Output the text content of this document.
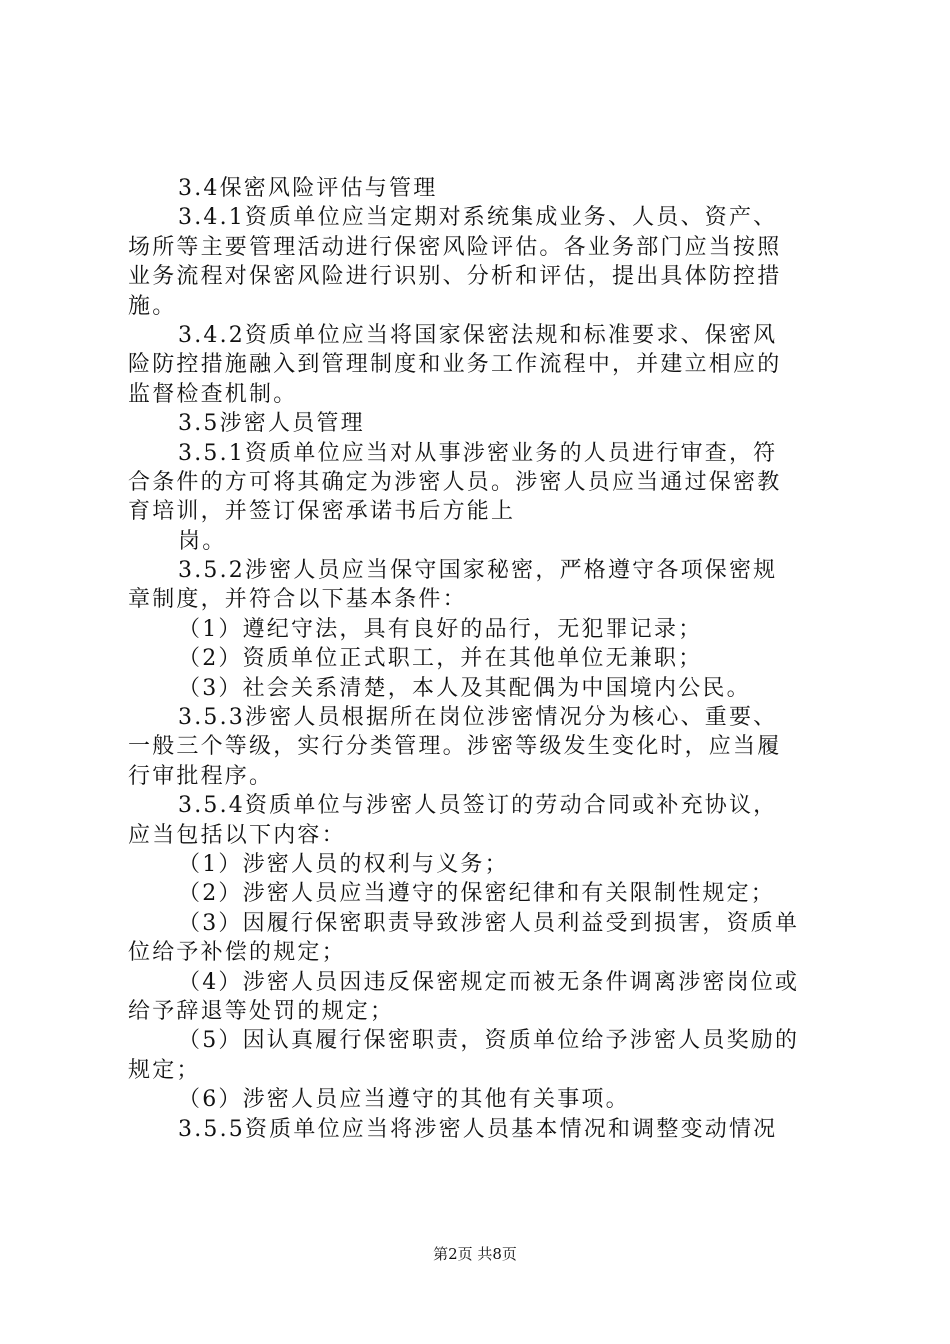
3.4保密风险评估与管理
3.4.1资质单位应当定期对系统集成业务、人员、资产、
场所等主要管理活动进行保密风险评估。各业务部门应当按照
业务流程对保密风险进行识别、分析和评估，提出具体防控措
施。
3.4.2资质单位应当将国家保密法规和标准要求、保密风
险防控措施融入到管理制度和业务工作流程中，并建立相应的
监督检查机制。
3.5涉密人员管理
3.5.1资质单位应当对从事涉密业务的人员进行审查，符
合条件的方可将其确定为涉密人员。涉密人员应当通过保密教
育培训，并签订保密承诺书后方能上
岗。
3.5.2涉密人员应当保守国家秘密，严格遵守各项保密规
章制度，并符合以下基本条件：
（1）遵纪守法，具有良好的品行，无犯罪记录；
（2）资质单位正式职工，并在其他单位无兼职；
（3）社会关系清楚，本人及其配偶为中国境内公民。
3.5.3涉密人员根据所在岗位涉密情况分为核心、重要、
一般三个等级，实行分类管理。涉密等级发生变化时，应当履
行审批程序。
3.5.4资质单位与涉密人员签订的劳动合同或补充协议，
应当包括以下内容：
（1）涉密人员的权利与义务；
（2）涉密人员应当遵守的保密纪律和有关限制性规定；
（3）因履行保密职责导致涉密人员利益受到损害，资质单
位给予补偿的规定；
（4）涉密人员因违反保密规定而被无条件调离涉密岗位或
给予辞退等处罚的规定；
（5）因认真履行保密职责，资质单位给予涉密人员奖励的
规定；
（6）涉密人员应当遵守的其他有关事项。
3.5.5资质单位应当将涉密人员基本情况和调整变动情况
第2页 共8页
